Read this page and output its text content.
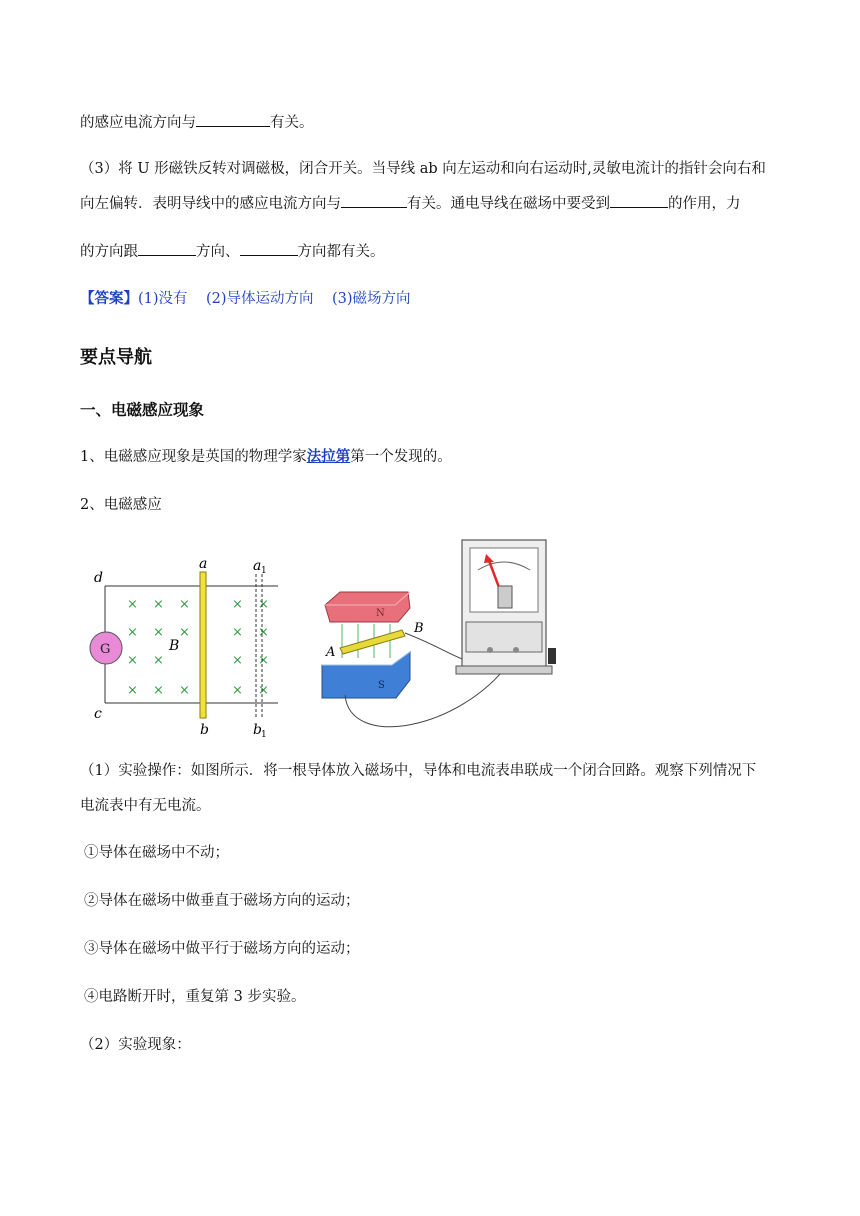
的感应电流方向与	有关。
（3）将 U 形磁铁反转对调磁极，闭合开关。当导线 ab 向左运动和向右运动时,灵敏电流计的指针会向右和
向左偏转．表明导线中的感应电流方向与	有关。通电导线在磁场中要受到	的作用，力
的方向跟	方向、	方向都有关。
【答案】(1)没有 (2)导体运动方向 (3)磁场方向
要点导航
一、电磁感应现象
1、电磁感应现象是英国的物理学家法拉第第一个发现的。
2、电磁感应
G
d
c
× × ×	× ×
× × ×	× ×
× ×	× ×
× × ×	× ×
B
a
b
a 1
b 1
N
A
B
S
（1）实验操作：如图所示．将一根导体放入磁场中，导体和电流表串联成一个闭合回路。观察下列情况下
电流表中有无电流。
①导体在磁场中不动；
②导体在磁场中做垂直于磁场方向的运动；
③导体在磁场中做平行于磁场方向的运动；
④电路断开时，重复第 3 步实验。
（2）实验现象：
